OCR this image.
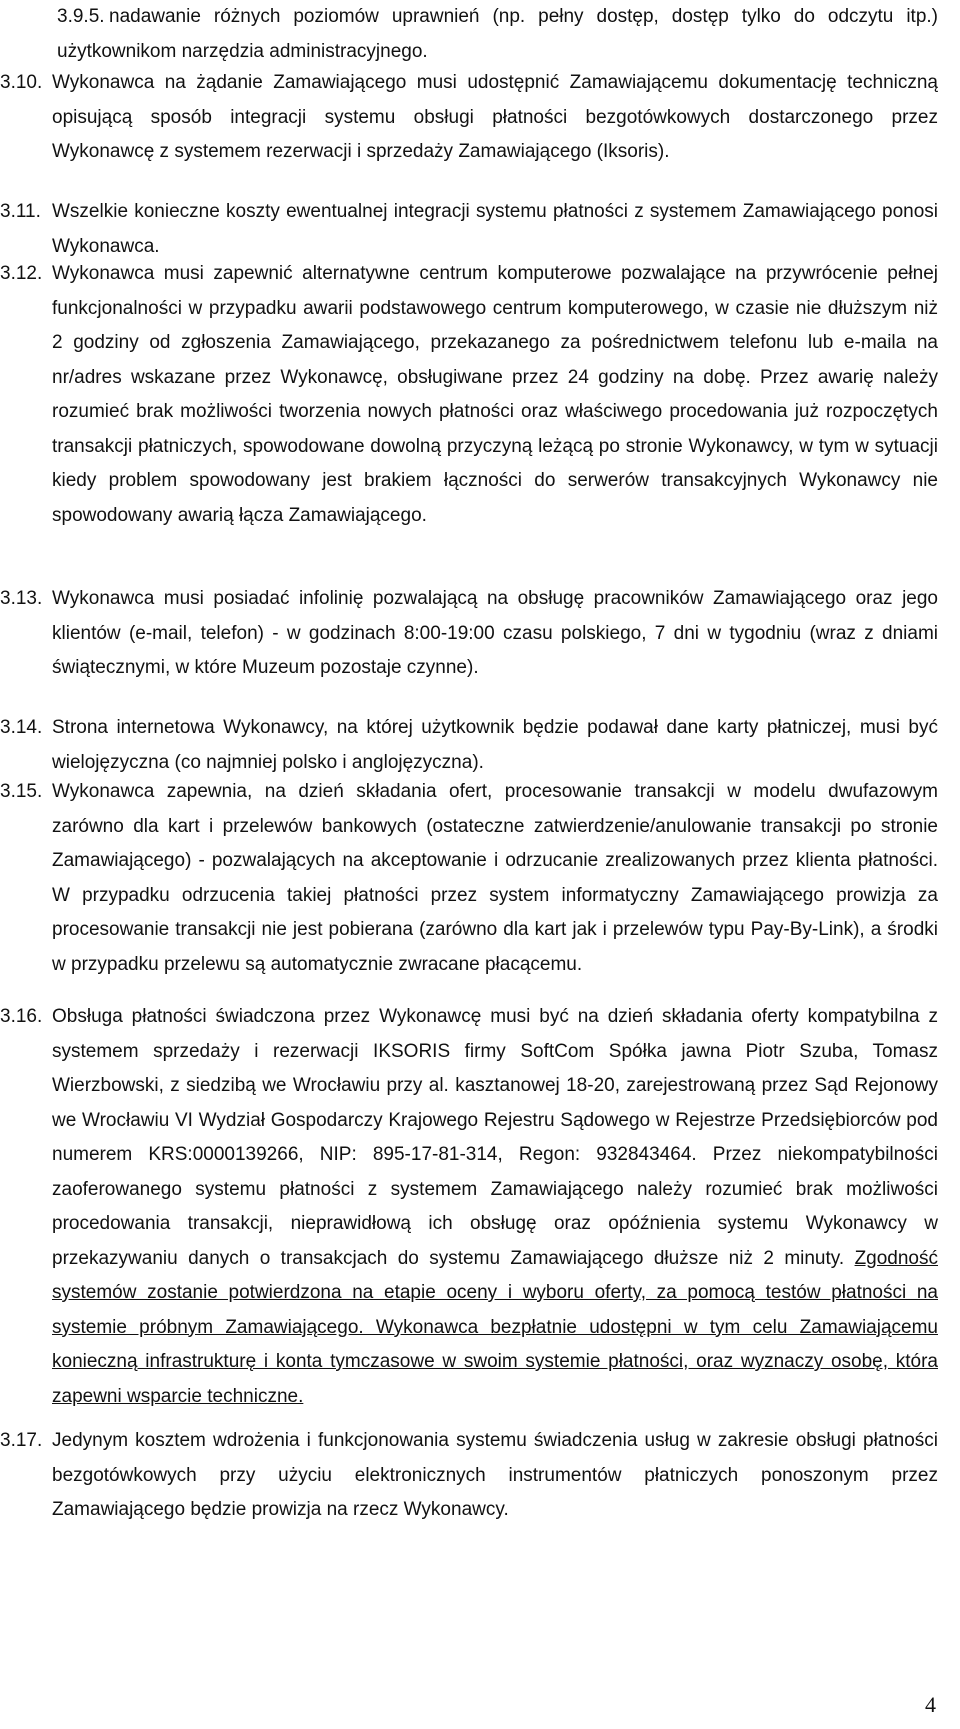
3.9.5. nadawanie różnych poziomów uprawnień (np. pełny dostęp, dostęp tylko do odczytu itp.) użytkownikom narzędzia administracyjnego.
3.10. Wykonawca na żądanie Zamawiającego musi udostępnić Zamawiającemu dokumentację techniczną opisującą sposób integracji systemu obsługi płatności bezgotówkowych dostarczonego przez Wykonawcę z systemem rezerwacji i sprzedaży Zamawiającego (Iksoris).
3.11. Wszelkie konieczne koszty ewentualnej integracji systemu płatności z systemem Zamawiającego ponosi Wykonawca.
3.12. Wykonawca musi zapewnić alternatywne centrum komputerowe pozwalające na przywrócenie pełnej funkcjonalności w przypadku awarii podstawowego centrum komputerowego, w czasie nie dłuższym niż 2 godziny od zgłoszenia Zamawiającego, przekazanego za pośrednictwem telefonu lub e-maila na nr/adres wskazane przez Wykonawcę, obsługiwane przez 24 godziny na dobę. Przez awarię należy rozumieć brak możliwości tworzenia nowych płatności oraz właściwego procedowania już rozpoczętych transakcji płatniczych, spowodowane dowolną przyczyną leżącą po stronie Wykonawcy, w tym w sytuacji kiedy problem spowodowany jest brakiem łączności do serwerów transakcyjnych Wykonawcy nie spowodowany awarią łącza Zamawiającego.
3.13. Wykonawca musi posiadać infolinię pozwalającą na obsługę pracowników Zamawiającego oraz jego klientów (e-mail, telefon) - w godzinach 8:00-19:00 czasu polskiego, 7 dni w tygodniu (wraz z dniami świątecznymi, w które Muzeum pozostaje czynne).
3.14. Strona internetowa Wykonawcy, na której użytkownik będzie podawał dane karty płatniczej, musi być wielojęzyczna (co najmniej polsko i anglojęzyczna).
3.15. Wykonawca zapewnia, na dzień składania ofert, procesowanie transakcji w modelu dwufazowym zarówno dla kart i przelewów bankowych (ostateczne zatwierdzenie/anulowanie transakcji po stronie Zamawiającego) - pozwalających na akceptowanie i odrzucanie zrealizowanych przez klienta płatności. W przypadku odrzucenia takiej płatności przez system informatyczny Zamawiającego prowizja za procesowanie transakcji nie jest pobierana (zarówno dla kart jak i przelewów typu Pay-By-Link), a środki w przypadku przelewu są automatycznie zwracane płacącemu.
3.16. Obsługa płatności świadczona przez Wykonawcę musi być na dzień składania oferty kompatybilna z systemem sprzedaży i rezerwacji IKSORIS firmy SoftCom Spółka jawna Piotr Szuba, Tomasz Wierzbowski, z siedzibą we Wrocławiu przy al. kasztanowej 18-20, zarejestrowaną przez Sąd Rejonowy we Wrocławiu VI Wydział Gospodarczy Krajowego Rejestru Sądowego w Rejestrze Przedsiębiorców pod numerem KRS:0000139266, NIP: 895-17-81-314, Regon: 932843464. Przez niekompatybilności zaoferowanego systemu płatności z systemem Zamawiającego należy rozumieć brak możliwości procedowania transakcji, nieprawidłową ich obsługę oraz opóźnienia systemu Wykonawcy w przekazywaniu danych o transakcjach do systemu Zamawiającego dłuższe niż 2 minuty. Zgodność systemów zostanie potwierdzona na etapie oceny i wyboru oferty, za pomocą testów płatności na systemie próbnym Zamawiającego. Wykonawca bezpłatnie udostępni w tym celu Zamawiającemu konieczną infrastrukturę i konta tymczasowe w swoim systemie płatności, oraz wyznaczy osobę, która zapewni wsparcie techniczne.
3.17. Jedynym kosztem wdrożenia i funkcjonowania systemu świadczenia usług w zakresie obsługi płatności bezgotówkowych przy użyciu elektronicznych instrumentów płatniczych ponoszonym przez Zamawiającego będzie prowizja na rzecz Wykonawcy.
4
